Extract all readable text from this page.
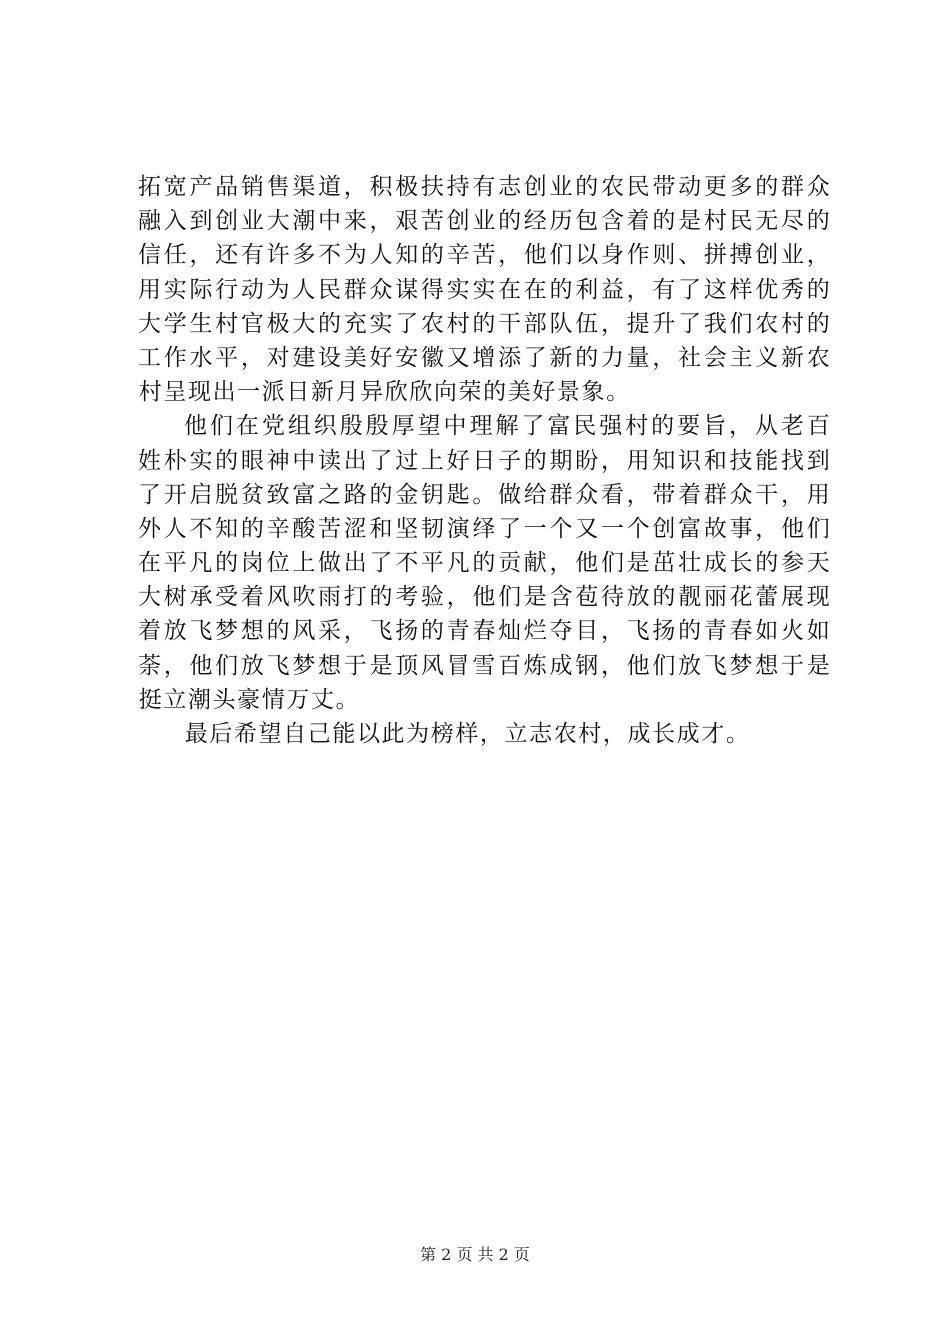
拓 宽 产 品 销 售 渠 道 ， 积 极 扶 持 有 志 创 业 的 农 民 带 动 更 多 的 群 众
融 入 到 创 业 大 潮 中 来 ， 艰 苦 创 业 的 经 历 包 含 着 的 是 村 民 无 尽 的
信 任 ， 还 有 许 多 不 为 人 知 的 辛 苦 ， 他 们 以 身 作 则 、 拼 搏 创 业 ，
用 实 际 行 动 为 人 民 群 众 谋 得 实 实 在 在 的 利 益 ， 有 了 这 样 优 秀 的
大 学 生 村 官 极 大 的 充 实 了 农 村 的 干 部 队 伍 ， 提 升 了 我 们 农 村 的
工 作 水 平 ， 对 建 设 美 好 安 徽 又 增 添 了 新 的 力 量 ， 社 会 主 义 新 农
村 呈 现 出 一 派 日 新 月 异 欣 欣 向 荣 的 美 好 景 象 。
他 们 在 党 组 织 殷 殷 厚 望 中 理 解 了 富 民 强 村 的 要 旨 ， 从 老 百
姓 朴 实 的 眼 神 中 读 出 了 过 上 好 日 子 的 期 盼 ， 用 知 识 和 技 能 找 到
了 开 启 脱 贫 致 富 之 路 的 金 钥 匙 。 做 给 群 众 看 ， 带 着 群 众 干 ， 用
外 人 不 知 的 辛 酸 苦 涩 和 坚 韧 演 绎 了 一 个 又 一 个 创 富 故 事 ， 他 们
在 平 凡 的 岗 位 上 做 出 了 不 平 凡 的 贡 献 ， 他 们 是 茁 壮 成 长 的 参 天
大 树 承 受 着 风 吹 雨 打 的 考 验 ， 他 们 是 含 苞 待 放 的 靓 丽 花 蕾 展 现
着 放 飞 梦 想 的 风 采 ， 飞 扬 的 青 春 灿 烂 夺 目 ， 飞 扬 的 青 春 如 火 如
荼 ， 他 们 放 飞 梦 想 于 是 顶 风 冒 雪 百 炼 成 钢 ， 他 们 放 飞 梦 想 于 是
挺 立 潮 头 豪 情 万 丈 。
最 后 希 望 自 己 能 以 此 为 榜 样 ， 立 志 农 村 ， 成 长 成 才 。
第 2 页 共 2 页
